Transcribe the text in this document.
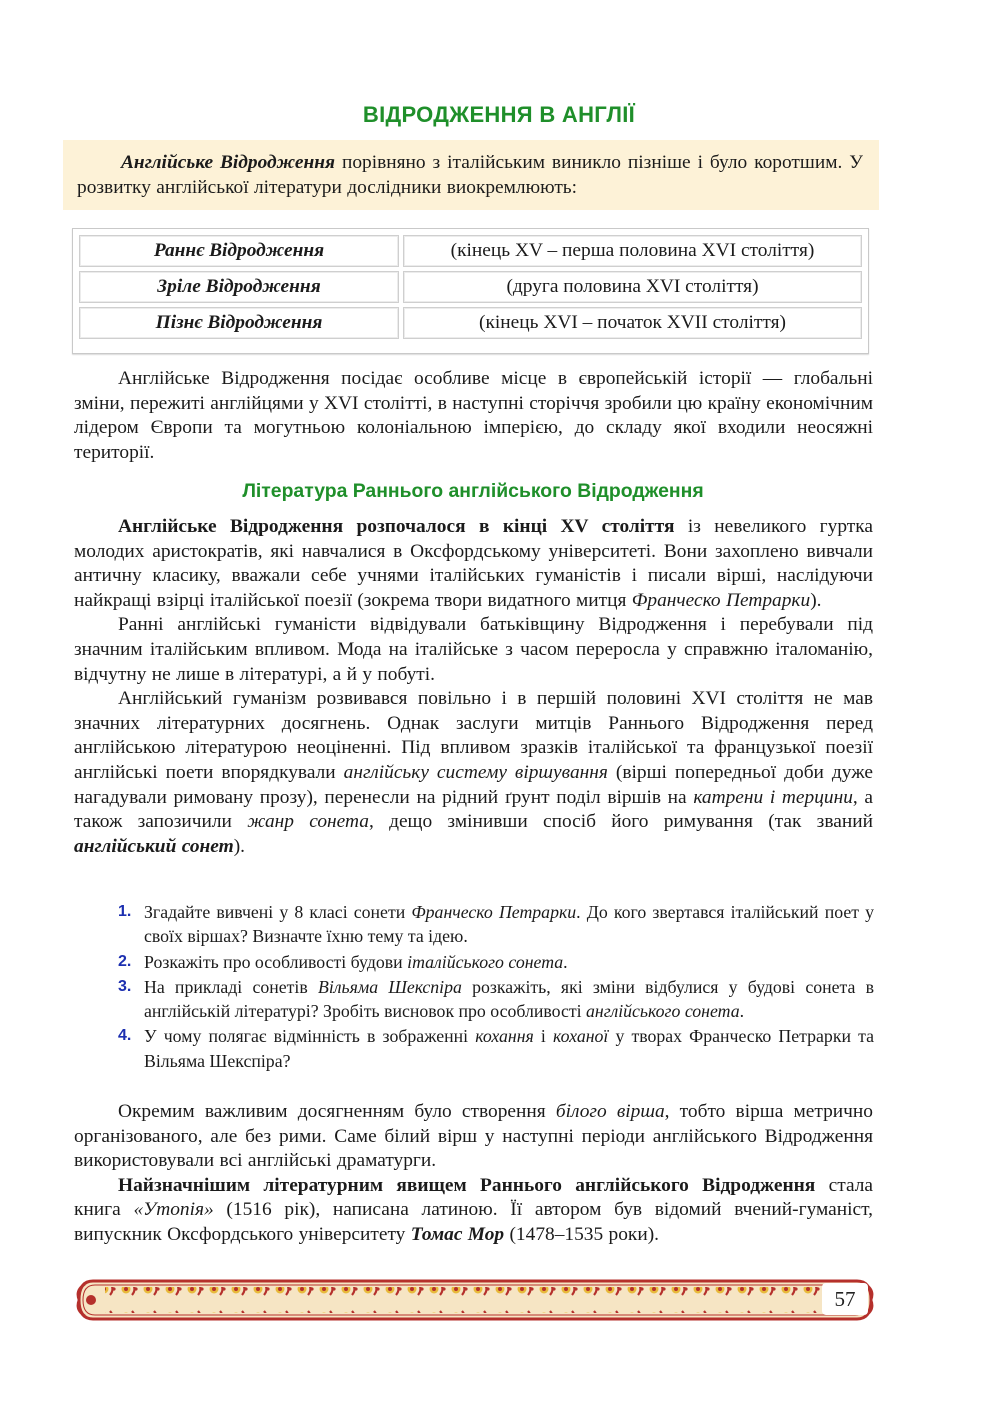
ВІДРОДЖЕННЯ В АНГЛІЇ

Англійське Відродження порівняно з італійським виникло пізніше і було коротшим. У розвитку англійської літератури дослідники виокремлюють:

Раннє Відродження	(кінець XV – перша половина XVI століття)
Зріле Відродження	(друга половина XVI століття)
Пізнє Відродження	(кінець XVI – початок XVII століття)

Англійське Відродження посідає особливе місце в європейській історії — глобальні зміни, пережиті англійцями у XVI столітті, в наступні сторіччя зробили цю країну економічним лідером Європи та могутньою колоніальною імперією, до складу якої входили неосяжні території.

Література Раннього англійського Відродження

Англійське Відродження розпочалося в кінці XV століття із невеликого гуртка молодих аристократів, які навчалися в Оксфордському університеті. Вони захоплено вивчали античну класику, вважали себе учнями італійських гуманістів і писали вірші, наслідуючи найкращі взірці італійської поезії (зокрема твори видатного митця Франческо Петрарки).

Ранні англійські гуманісти відвідували батьківщину Відродження і перебували під значним італійським впливом. Мода на італійське з часом переросла у справжню італоманію, відчутну не лише в літературі, а й у побуті.

Англійський гуманізм розвивався повільно і в першій половині XVI століття не мав значних літературних досягнень. Однак заслуги митців Раннього Відродження перед англійською літературою неоціненні. Під впливом зразків італійської та французької поезії англійські поети впорядкували англійську систему віршування (вірші попередньої доби дуже нагадували римовану прозу), перенесли на рідний ґрунт поділ віршів на катрени і терцини, а також запозичили жанр сонета, дещо змінивши спосіб його римування (так званий англійський сонет).

1. Згадайте вивчені у 8 класі сонети Франческо Петрарки. До кого звертався італійський поет у своїх віршах? Визначте їхню тему та ідею.
2. Розкажіть про особливості будови італійського сонета.
3. На прикладі сонетів Вільяма Шекспіра розкажіть, які зміни відбулися у будові сонета в англійській літературі? Зробіть висновок про особливості англійського сонета.
4. У чому полягає відмінність в зображенні кохання і коханої у творах Франческо Петрарки та Вільяма Шекспіра?

Окремим важливим досягненням було створення білого вірша, тобто вірша метрично організованого, але без рими. Саме білий вірш у наступні періоди англійського Відродження використовували всі англійські драматурги.

Найзначнішим літературним явищем Раннього англійського Відродження стала книга «Утопія» (1516 рік), написана латиною. Її автором був відомий вчений-гуманіст, випускник Оксфордського університету Томас Мор (1478–1535 роки).

57
